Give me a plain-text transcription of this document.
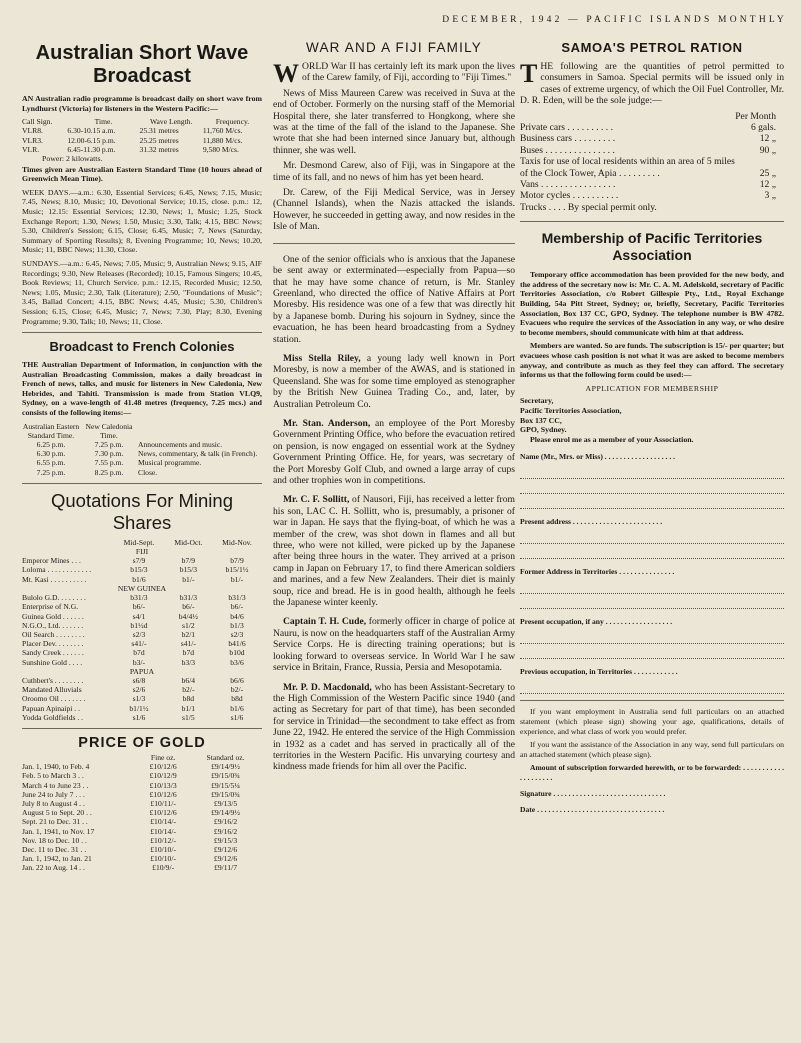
DECEMBER, 1942 — PACIFIC ISLANDS MONTHLY
Australian Short Wave Broadcast

AN Australian radio programme is broadcast daily on short wave from Lyndhurst (Victoria) for listeners in the Western Pacific:—

Call Sign.	Time.	Wave Length.	Frequency.
VLR8.	6.30-10.15 a.m.	25.31 metres	11,760 M/cs.
VLR3.	12.00-6.15 p.m.	25.25 metres	11,880 M/cs.
VLR.	6.45-11.30 p.m.	31.32 metres	9,580 M/cs.

Power: 2 kilowatts.

Times given are Australian Eastern Standard Time (10 hours ahead of Greenwich Mean Time).

WEEK DAYS.—a.m.: 6.30, Essential Services; 6.45, News; 7.15, Music; 7.45, News; 8.10, Music; 10, Devotional Service; 10.15, close. p.m.: 12, Music; 12.15: Essential Services; 12.30, News; 1, Music; 1.25, Stock Exchange Report; 1.30, News; 1.50, Music; 3.30, Talk; 4.15, BBC News; 5.30, Children's Session; 6.15, Close; 6.45, Music; 7, News (Saturday, Summary of Sporting Results); 8, Evening Programme; 10, News; 10.20, Music; 11, BBC News; 11.30, Close.

SUNDAYS.—a.m.: 6.45, News; 7.05, Music; 9, Australian News; 9.15, AIF Recordings; 9.30, New Releases (Recorded); 10.15, Famous Singers; 10.45, Book Reviews; 11, Church Service. p.m.: 12.15, Recorded Music; 12.50, News; 1.05, Music; 2.30, Talk (Literature); 2.50, "Foundations of Music"; 3.45, Ballad Concert; 4.15, BBC News; 4.45, Music; 5.30, Children's Session; 6.15, Close; 6.45, Music; 7, News; 7.30, Play; 8.30, Evening Programme; 9.30, Talk; 10, News; 11, Close.

Broadcast to French Colonies

THE Australian Department of Information, in conjunction with the Australian Broadcasting Commission, makes a daily broadcast in French of news, talks, and music for listeners in New Caledonia, New Hebrides, and Tahiti. Transmission is made from Station VLQ9, Sydney, on a wave-length of 41.48 metres (frequency, 7.25 mcs.) and consists of the following items:—

Australian Eastern Standard Time.	New Caledonia Time.	
6.25 p.m.	7.25 p.m.	Announcements and music.
6.30 p.m.	7.30 p.m.	News, commentary, & talk (in French).
6.55 p.m.	7.55 p.m.	Musical programme.
7.25 p.m.	8.25 p.m.	Close.
Quotations For Mining Shares
	Mid-Sept.	Mid-Oct.	Mid-Nov.
FIJI			
Emperor Mines . . .	s7/9	b7/9	b7/9
Loloma . . . . . . . . . . . .	b15/3	b15/3	b15/1½
Mt. Kasi . . . . . . . . . .	b1/6	b1/-	b1/-
NEW GUINEA			
Bulolo G.D. . . . . . . .	b31/3	b31/3	b31/3
Enterprise of N.G.	b6/-	b6/-	b6/-
Guinea Gold . . . . . .	s4/1	b4/4½	b4/6
N.G.O., Ltd. . . . . . .	b1½d	s1/2	b1/3
Oil Search . . . . . . . .	s2/3	b2/1	s2/3
Placer Dev. . . . . . . .	s41/-	s41/-	b41/6
Sandy Creek . . . . . .	b7d	b7d	b10d
Sunshine Gold . . . .	b3/-	b3/3	b3/6
PAPUA			
Cuthbert's . . . . . . . .	s6/8	b6/4	b6/6
Mandated Alluvials	s2/6	b2/-	b2/-
Oroomo Oil . . . . . . .	s1/3	b8d	b8d
Papuan Apinaipi . .	b1/1½	b1/1	b1/6
Yodda Goldfields . .	s1/6	s1/5	s1/6
PRICE OF GOLD
	Fine oz.	Standard oz.
Jan. 1, 1940, to Feb. 4	£10/12/6	£9/14/9½
Feb. 5 to March 3 . .	£10/12/9	£9/15/0¾
March 4 to June 23 . .	£10/13/3	£9/15/5¼
June 24 to July 7 . . .	£10/12/6	£9/15/0¾
July 8 to August 4 . .	£10/11/-	£9/13/5
August 5 to Sept. 20 . .	£10/12/6	£9/14/9½
Sept. 21 to Dec. 31 . .	£10/14/-	£9/16/2
Jan. 1, 1941, to Nov. 17	£10/14/-	£9/16/2
Nov. 18 to Dec. 10 . .	£10/12/-	£9/15/3
Dec. 11 to Dec. 31 . .	£10/10/-	£9/12/6
Jan. 1, 1942, to Jan. 21	£10/10/-	£9/12/6
Jan. 22 to Aug. 14 . .	£10/9/-	£9/11/7
WAR AND A FIJI FAMILY

WORLD War II has certainly left its mark upon the lives of the Carew family, of Fiji, according to "Fiji Times."

News of Miss Maureen Carew was received in Suva at the end of October. Formerly on the nursing staff of the Memorial Hospital there, she later transferred to Hongkong, where she was at the time of the fall of the island to the Japanese. She wrote that she had been interned since January but, although thinner, she was well.

Mr. Desmond Carew, also of Fiji, was in Singapore at the time of its fall, and no news of him has yet been heard.

Dr. Carew, of the Fiji Medical Service, was in Jersey (Channel Islands), when the Nazis attacked the islands. However, he succeeded in getting away, and now resides in the Isle of Man.

One of the senior officials who is anxious that the Japanese be sent away or exterminated—especially from Papua—so that he may have some chance of return, is Mr. Stanley Greenland, who directed the office of Native Affairs at Port Moresby. His residence was one of a few that was directly hit by a Japanese bomb. During his sojourn in Sydney, since the evacuation, he has been heard broadcasting from a Sydney station.

Miss Stella Riley, a young lady well known in Port Moresby, is now a member of the AWAS, and is stationed in Queensland. She was for some time employed as stenographer by the British New Guinea Trading Co., and, later, by Australian Petroleum Co.

Mr. Stan. Anderson, an employee of the Port Moresby Government Printing Office, who before the evacuation retired on pension, is now engaged on essential work at the Sydney Government Printing Office. He, for years, was secretary of the Port Moresby Golf Club, and owned a large array of cups and other trophies won in competitions.

Mr. C. F. Sollitt, of Nausori, Fiji, has received a letter from his son, LAC C. H. Sollitt, who is, presumably, a prisoner of war in Japan. He says that the flying-boat, of which he was a member of the crew, was shot down in flames and all but three, who were not killed, were picked up by the Japanese after being three hours in the water. They arrived at a prison camp in Japan on February 17, to find there American soldiers and marines, and a few New Zealanders. Their diet is mainly soup, rice and bread. He is in good health, although he feels the Japanese winter keenly.

Captain T. H. Cude, formerly officer in charge of police at Nauru, is now on the headquarters staff of the Australian Army Service Corps. He is directing training operations; but is looking forward to overseas service. In World War I he saw service in Britain, France, Russia, Persia and Mesopotamia.

Mr. P. D. Macdonald, who has been Assistant-Secretary to the High Commission of the Western Pacific since 1940 (and acting as Secretary for part of that time), has been seconded for service in Trinidad—the secondment to take effect as from June 22, 1942. He entered the service of the High Commission in 1932 as a cadet and has served in practically all of the territories in the Western Pacific. His unvarying courtesy and kindness made friends for him all over the Pacific.

SAMOA'S PETROL RATION

THE following are the quantities of petrol permitted to consumers in Samoa. Special permits will be issued only in cases of extreme urgency, of which the Oil Fuel Controller, Mr. D. R. Eden, will be the sole judge:—

Per Month
Private cars . . . . . . . . . .	6 gals.
Business cars . . . . . . . . .	12 „
Buses . . . . . . . . . . . . . . .	90 „
Taxis for use of local residents within an area of 5 miles of the Clock Tower, Apia . . . . . . . . .	25 „
Vans . . . . . . . . . . . . . . . .	12 „
Motor cycles . . . . . . . . . .	3 „

Trucks . . . . By special permit only.

Membership of Pacific Territories Association

Temporary office accommodation has been provided for the new body, and the address of the secretary now is: Mr. C. A. M. Adelskold, secretary of Pacific Territories Association, c/o Robert Gillespie Pty., Ltd., Royal Exchange Building, 54a Pitt Street, Sydney; or, briefly, Secretary, Pacific Territories Association, Box 137 CC, GPO, Sydney. The telephone number is BW 4782. Evacuees who require the services of the Association in any way, or who desire to become members, should communicate with him at that address.

Members are wanted. So are funds. The subscription is 15/- per quarter; but evacuees whose cash position is not what it was are asked to become members anyway, and contribute as much as they feel they can afford. The secretary informs us that the following form could be used:—

APPLICATION FOR MEMBERSHIP

Secretary,
Pacific Territories Association,
Box 137 CC,
GPO, Sydney.

Please enrol me as a member of your Association.

Name (Mr., Mrs. or Miss) . . . . . . . . . . . . . . . . . . .
Present address . . . . . . . . . . . . . . . . . . . . . . . .
Former Address in Territories . . . . . . . . . . . . . . .
Present occupation, if any . . . . . . . . . . . . . . . . . .
Previous occupation, in Territories . . . . . . . . . . . .

If you want employment in Australia send full particulars on an attached statement (which please sign) showing your age, qualifications, details of experience, and what class of work you would prefer.

If you want the assistance of the Association in any way, send full particulars on an attached statement (which please sign).

Amount of subscription forwarded herewith, or to be forwarded: . . . . . . . . . . . . . . . . . . . .

Signature . . . . . . . . . . . . . . . . . . . . . . . . . . . . . .

Date . . . . . . . . . . . . . . . . . . . . . . . . . . . . . . . . . .
